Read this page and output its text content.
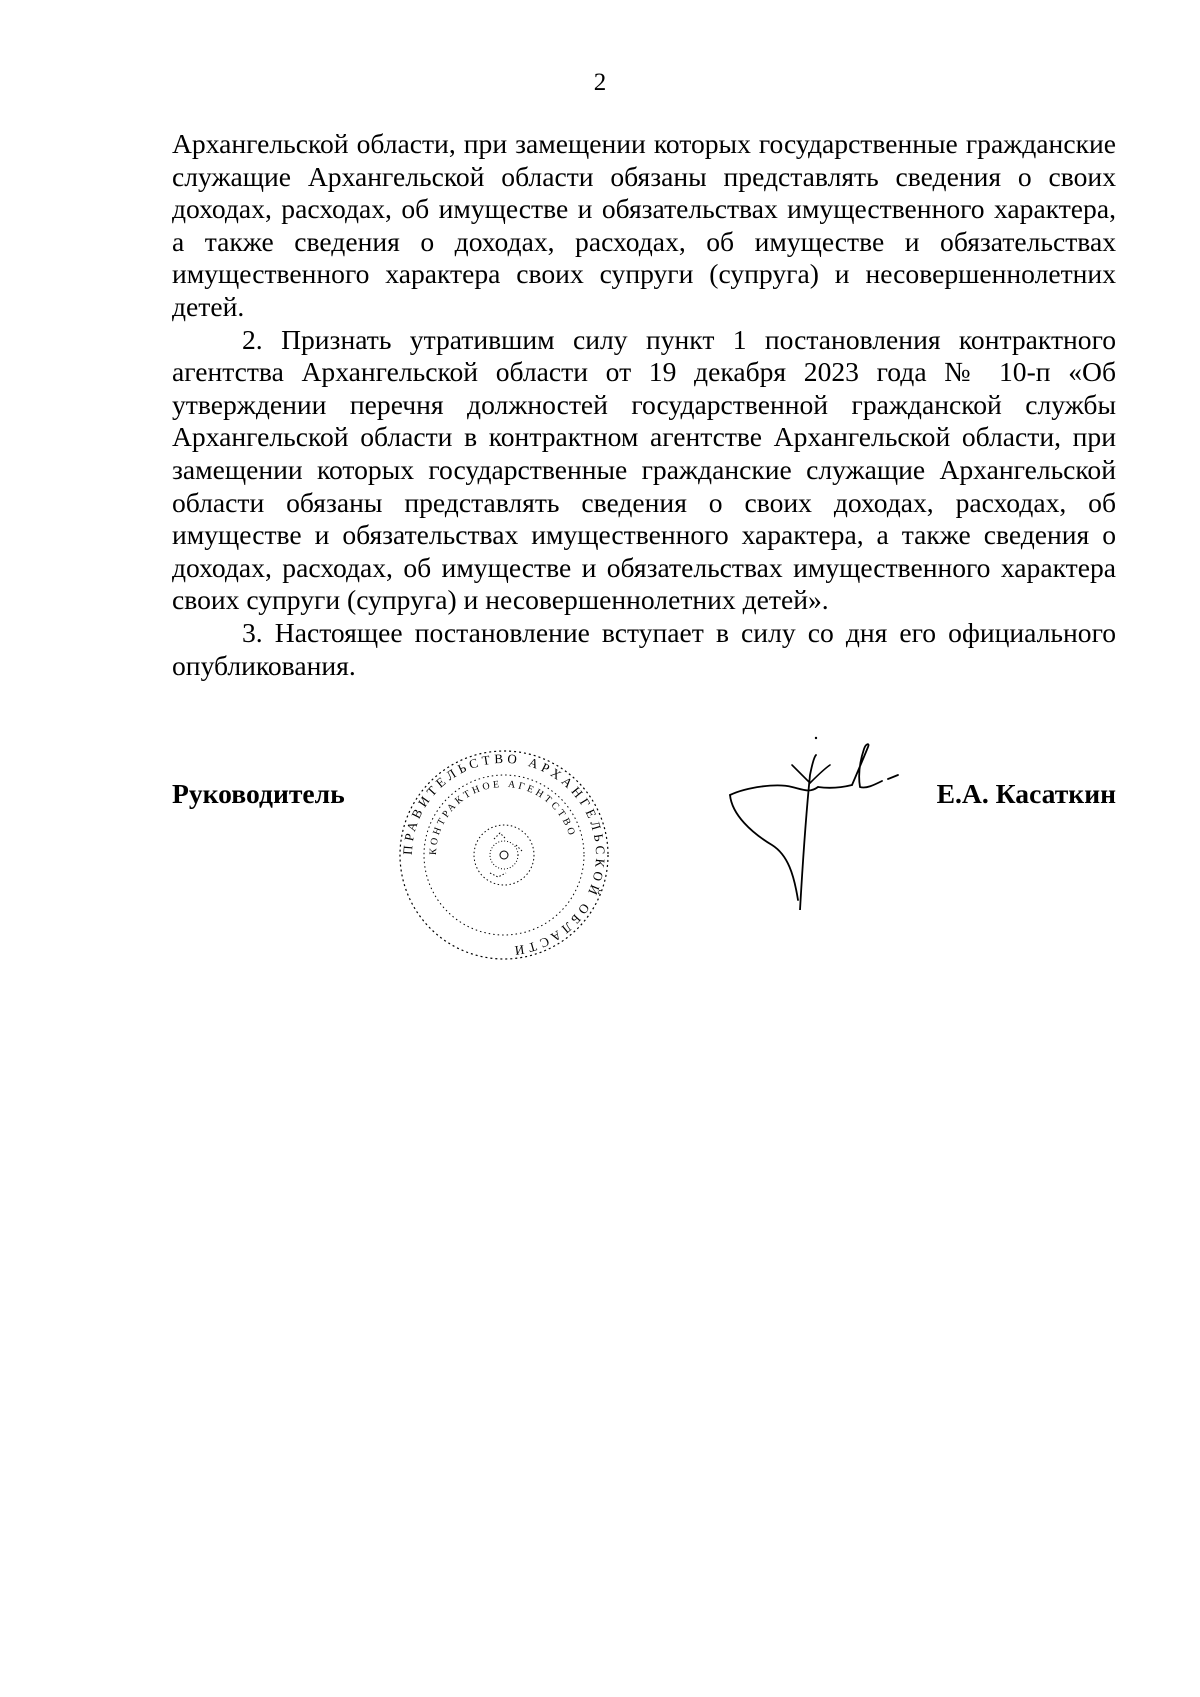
2

Архангельской области, при замещении которых государственные гражданские служащие Архангельской области обязаны представлять сведения о своих доходах, расходах, об имуществе и обязательствах имущественного характера, а также сведения о доходах, расходах, об имуществе и обязательствах имущественного характера своих супруги (супруга) и несовершеннолетних детей.

2. Признать утратившим силу пункт 1 постановления контрактного агентства Архангельской области от 19 декабря 2023 года № 10-п «Об утверждении перечня должностей государственной гражданской службы Архангельской области в контрактном агентстве Архангельской области, при замещении которых государственные гражданские служащие Архангельской области обязаны представлять сведения о своих доходах, расходах, об имуществе и обязательствах имущественного характера, а также сведения о доходах, расходах, об имуществе и обязательствах имущественного характера своих супруги (супруга) и несовершеннолетних детей».

3. Настоящее постановление вступает в силу со дня его официального опубликования.

Руководитель
ПРАВИТЕЛЬСТВО АРХАНГЕЛЬСКОЙ ОБЛАСТИ
КОНТРАКТНОЕ АГЕНТСТВО
Е.А. Касаткин
